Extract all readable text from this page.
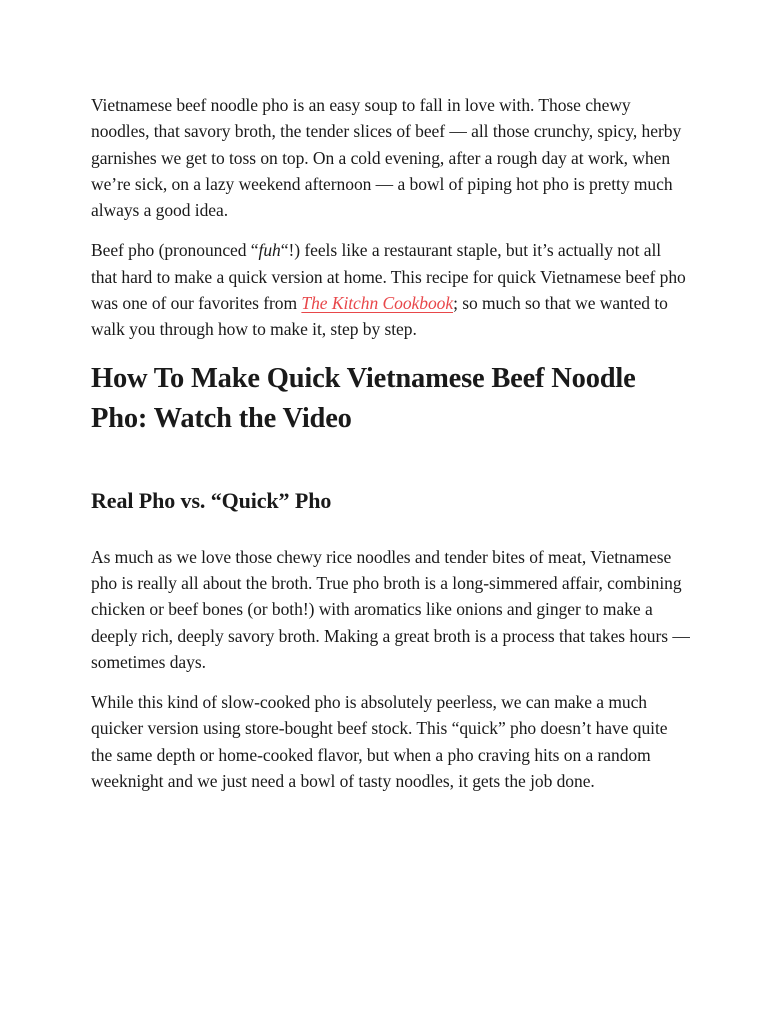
Vietnamese beef noodle pho is an easy soup to fall in love with. Those chewy noodles, that savory broth, the tender slices of beef — all those crunchy, spicy, herby garnishes we get to toss on top. On a cold evening, after a rough day at work, when we’re sick, on a lazy weekend afternoon — a bowl of piping hot pho is pretty much always a good idea.

Beef pho (pronounced “fuh“!) feels like a restaurant staple, but it’s actually not all that hard to make a quick version at home. This recipe for quick Vietnamese beef pho was one of our favorites from The Kitchn Cookbook; so much so that we wanted to walk you through how to make it, step by step.

How To Make Quick Vietnamese Beef Noodle Pho: Watch the Video
Real Pho vs. “Quick” Pho

As much as we love those chewy rice noodles and tender bites of meat, Vietnamese pho is really all about the broth. True pho broth is a long-simmered affair, combining chicken or beef bones (or both!) with aromatics like onions and ginger to make a deeply rich, deeply savory broth. Making a great broth is a process that takes hours — sometimes days.

While this kind of slow-cooked pho is absolutely peerless, we can make a much quicker version using store-bought beef stock. This “quick” pho doesn’t have quite the same depth or home-cooked flavor, but when a pho craving hits on a random weeknight and we just need a bowl of tasty noodles, it gets the job done.
